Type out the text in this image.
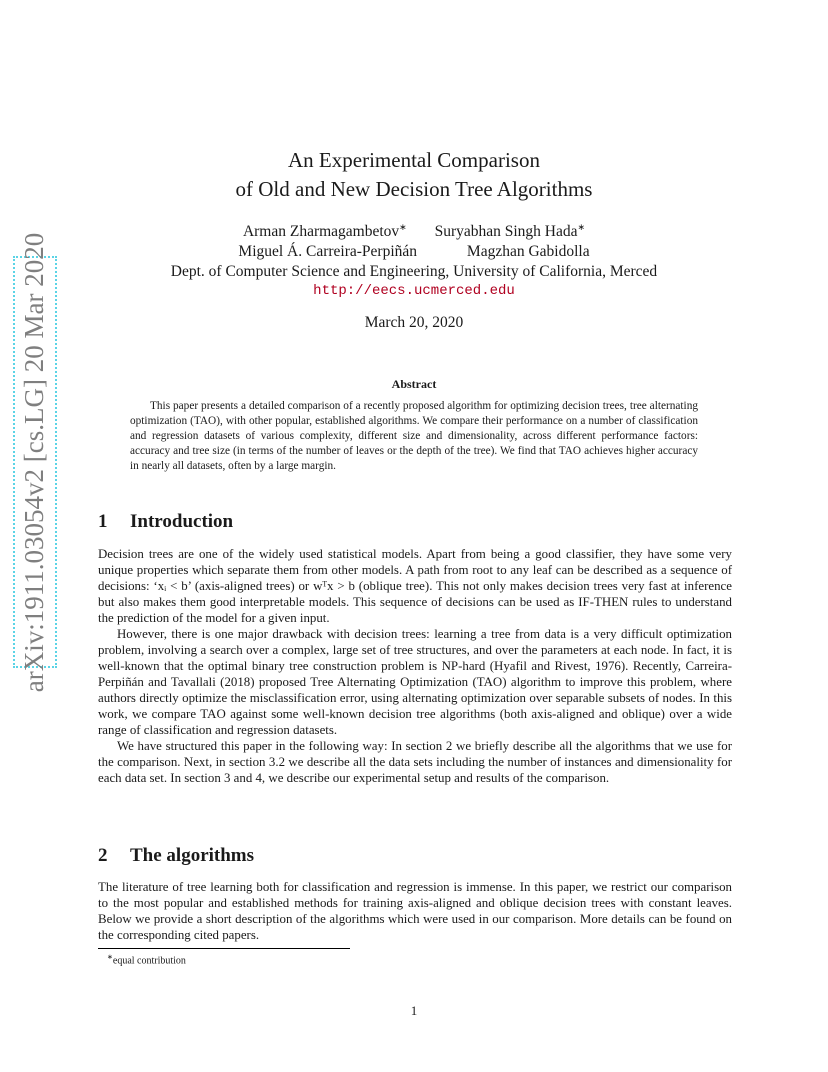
arXiv:1911.03054v2 [cs.LG] 20 Mar 2020
An Experimental Comparison
of Old and New Decision Tree Algorithms
Arman Zharmagambetov∗ Suryabhan Singh Hada∗
Miguel Á. Carreira-Perpiñán	Magzhan Gabidolla
Dept. of Computer Science and Engineering, University of California, Merced
http://eecs.ucmerced.edu
March 20, 2020
Abstract
This paper presents a detailed comparison of a recently proposed algorithm for optimizing decision trees, tree alternating optimization (TAO), with other popular, established algorithms. We compare their performance on a number of classification and regression datasets of various complexity, different size and dimensionality, across different performance factors: accuracy and tree size (in terms of the number of leaves or the depth of the tree). We find that TAO achieves higher accuracy in nearly all datasets, often by a large margin.
1 Introduction

Decision trees are one of the widely used statistical models. Apart from being a good classifier, they have some very unique properties which separate them from other models. A path from root to any leaf can be described as a sequence of decisions: ‘xᵢ < b’ (axis-aligned trees) or wᵀx > b (oblique tree). This not only makes decision trees very fast at inference but also makes them good interpretable models. This sequence of decisions can be used as IF-THEN rules to understand the prediction of the model for a given input.

However, there is one major drawback with decision trees: learning a tree from data is a very difficult optimization problem, involving a search over a complex, large set of tree structures, and over the parameters at each node. In fact, it is well-known that the optimal binary tree construction problem is NP-hard (Hyafil and Rivest, 1976). Recently, Carreira-Perpiñán and Tavallali (2018) proposed Tree Alternating Optimization (TAO) algorithm to improve this problem, where authors directly optimize the misclassification error, using alternating optimization over separable subsets of nodes. In this work, we compare TAO against some well-known decision tree algorithms (both axis-aligned and oblique) over a wide range of classification and regression datasets.

We have structured this paper in the following way: In section 2 we briefly describe all the algorithms that we use for the comparison. Next, in section 3.2 we describe all the data sets including the number of instances and dimensionality for each data set. In section 3 and 4, we describe our experimental setup and results of the comparison.

2 The algorithms

The literature of tree learning both for classification and regression is immense. In this paper, we restrict our comparison to the most popular and established methods for training axis-aligned and oblique decision trees with constant leaves. Below we provide a short description of the algorithms which were used in our comparison. More details can be found on the corresponding cited papers.

∗equal contribution
1
